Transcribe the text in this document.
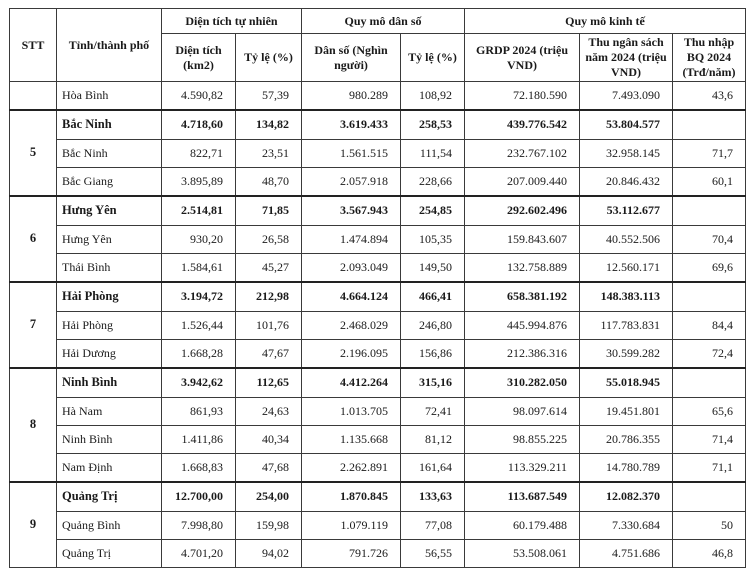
STT	Tỉnh/thành phố	Diện tích tự nhiên		Quy mô dân số		Quy mô kinh tế		
		Diện tích (km2)	Tỷ lệ (%)	Dân số (Nghìn người)	Tỷ lệ (%)	GRDP 2024 (triệu VND)	Thu ngân sách năm 2024 (triệu VND)	Thu nhập BQ 2024 (Trđ/năm)
	Hòa Bình	4.590,82	57,39	980.289	108,92	72.180.590	7.493.090	43,6
5	Bắc Ninh	4.718,60	134,82	3.619.433	258,53	439.776.542	53.804.577	
	Bắc Ninh	822,71	23,51	1.561.515	111,54	232.767.102	32.958.145	71,7
	Bắc Giang	3.895,89	48,70	2.057.918	228,66	207.009.440	20.846.432	60,1
6	Hưng Yên	2.514,81	71,85	3.567.943	254,85	292.602.496	53.112.677	
	Hưng Yên	930,20	26,58	1.474.894	105,35	159.843.607	40.552.506	70,4
	Thái Bình	1.584,61	45,27	2.093.049	149,50	132.758.889	12.560.171	69,6
7	Hải Phòng	3.194,72	212,98	4.664.124	466,41	658.381.192	148.383.113	
	Hải Phòng	1.526,44	101,76	2.468.029	246,80	445.994.876	117.783.831	84,4
	Hải Dương	1.668,28	47,67	2.196.095	156,86	212.386.316	30.599.282	72,4
8	Ninh Bình	3.942,62	112,65	4.412.264	315,16	310.282.050	55.018.945	
	Hà Nam	861,93	24,63	1.013.705	72,41	98.097.614	19.451.801	65,6
	Ninh Bình	1.411,86	40,34	1.135.668	81,12	98.855.225	20.786.355	71,4
	Nam Định	1.668,83	47,68	2.262.891	161,64	113.329.211	14.780.789	71,1
9	Quảng Trị	12.700,00	254,00	1.870.845	133,63	113.687.549	12.082.370	
	Quảng Bình	7.998,80	159,98	1.079.119	77,08	60.179.488	7.330.684	50
	Quảng Trị	4.701,20	94,02	791.726	56,55	53.508.061	4.751.686	46,8
